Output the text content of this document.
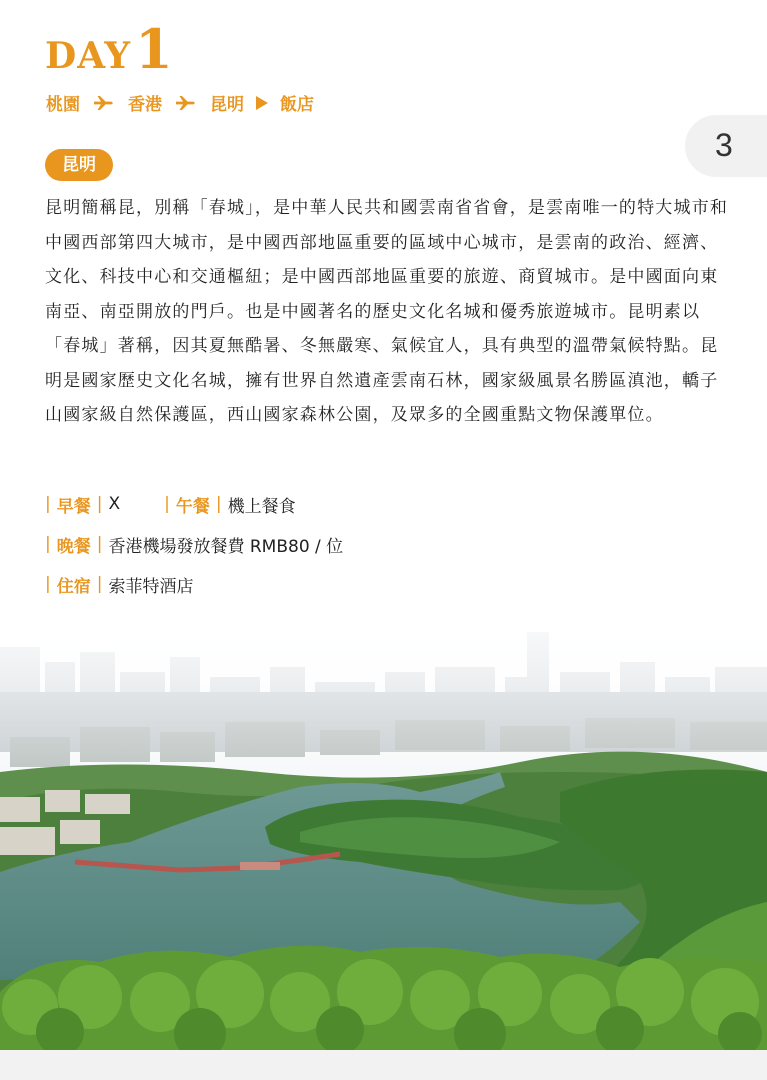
DAY1
桃園	香港	昆明 飯店
3
昆明

昆明簡稱昆，別稱「春城」，是中華人民共和國雲南省省會，是雲南唯一的特大城市和中國西部第四大城市，是中國西部地區重要的區域中心城市，是雲南的政治、經濟、文化、科技中心和交通樞紐；是中國西部地區重要的旅遊、商貿城市。是中國面向東南亞、南亞開放的門戶。也是中國著名的歷史文化名城和優秀旅遊城市。昆明素以「春城」著稱，因其夏無酷暑、冬無嚴寒、氣候宜人，具有典型的溫帶氣候特點。昆明是國家歷史文化名城，擁有世界自然遺產雲南石林，國家級風景名勝區滇池，轎子山國家級自然保護區，西山國家森林公園，及眾多的全國重點文物保護單位。

| 早餐 | X	| 午餐 | 機上餐食
| 晚餐 | 香港機場發放餐費 RMB80 / 位
| 住宿 | 索菲特酒店
